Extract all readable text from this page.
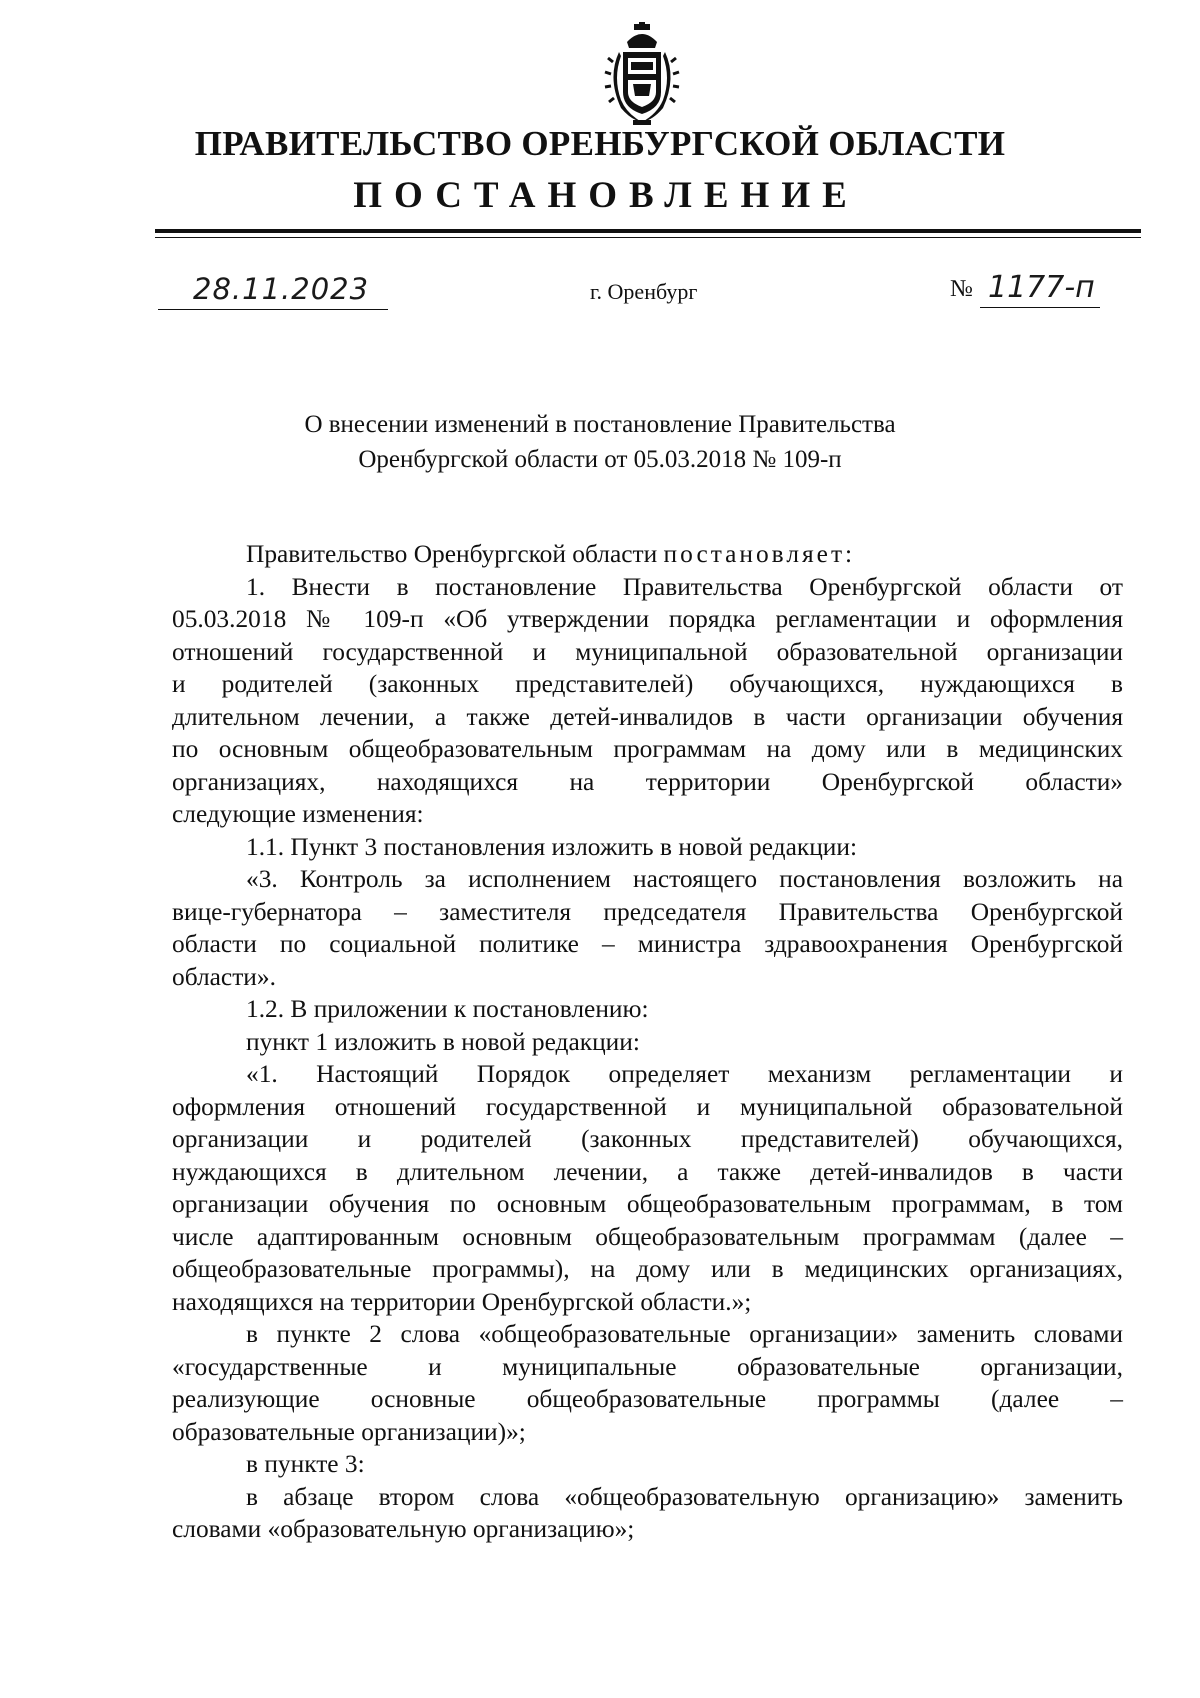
ПРАВИТЕЛЬСТВО ОРЕНБУРГСКОЙ ОБЛАСТИ
ПОСТАНОВЛЕНИЕ
28.11.2023	г. Оренбург	№ 1177-п
О внесении изменений в постановление Правительства
Оренбургской области от 05.03.2018 № 109-п

Правительство Оренбургской области постановляет:

1. Внести в постановление Правительства Оренбургской области от

05.03.2018 № 109-п «Об утверждении порядка регламентации и оформления

отношений государственной и муниципальной образовательной организации

и родителей (законных представителей) обучающихся, нуждающихся в

длительном лечении, а также детей-инвалидов в части организации обучения

по основным общеобразовательным программам на дому или в медицинских

организациях, находящихся на территории Оренбургской области»

следующие изменения:

1.1. Пункт 3 постановления изложить в новой редакции:

«3. Контроль за исполнением настоящего постановления возложить на

вице-губернатора – заместителя председателя Правительства Оренбургской

области по социальной политике – министра здравоохранения Оренбургской

области».

1.2. В приложении к постановлению:

пункт 1 изложить в новой редакции:

«1. Настоящий Порядок определяет механизм регламентации и

оформления отношений государственной и муниципальной образовательной

организации и родителей (законных представителей) обучающихся,

нуждающихся в длительном лечении, а также детей-инвалидов в части

организации обучения по основным общеобразовательным программам, в том

числе адаптированным основным общеобразовательным программам (далее –

общеобразовательные программы), на дому или в медицинских организациях,

находящихся на территории Оренбургской области.»;

в пункте 2 слова «общеобразовательные организации» заменить словами

«государственные и муниципальные образовательные организации,

реализующие основные общеобразовательные программы (далее –

образовательные организации)»;

в пункте 3:

в абзаце втором слова «общеобразовательную организацию» заменить

словами «образовательную организацию»;
